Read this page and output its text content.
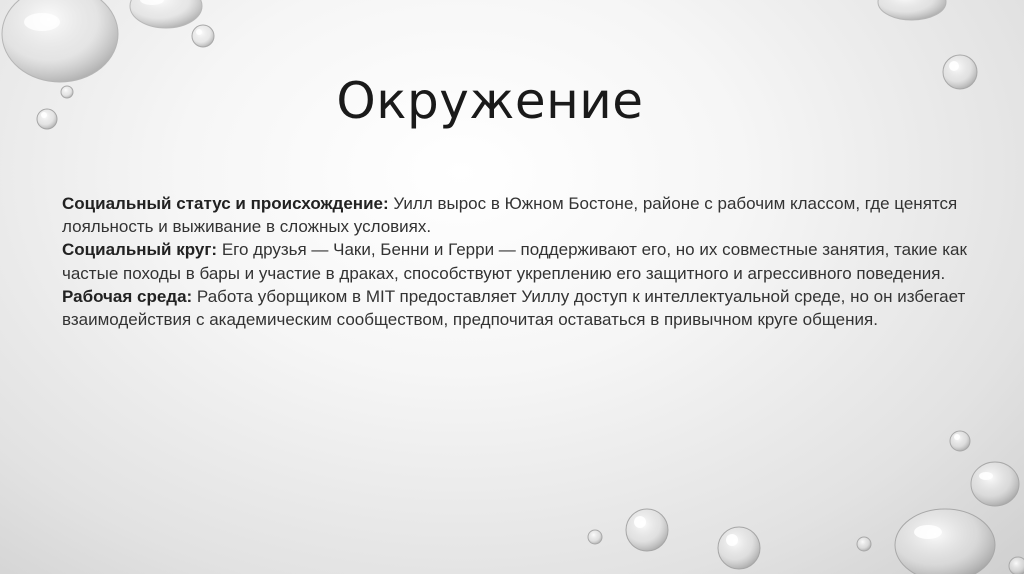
Окружение

Социальный статус и происхождение: Уилл вырос в Южном Бостоне, районе с рабочим классом, где ценятся лояльность и выживание в сложных условиях.

Социальный круг: Его друзья — Чаки, Бенни и Герри — поддерживают его, но их совместные занятия, такие как частые походы в бары и участие в драках, способствуют укреплению его защитного и агрессивного поведения.

Рабочая среда: Работа уборщиком в MIT предоставляет Уиллу доступ к интеллектуальной среде, но он избегает взаимодействия с академическим сообществом, предпочитая оставаться в привычном круге общения.
